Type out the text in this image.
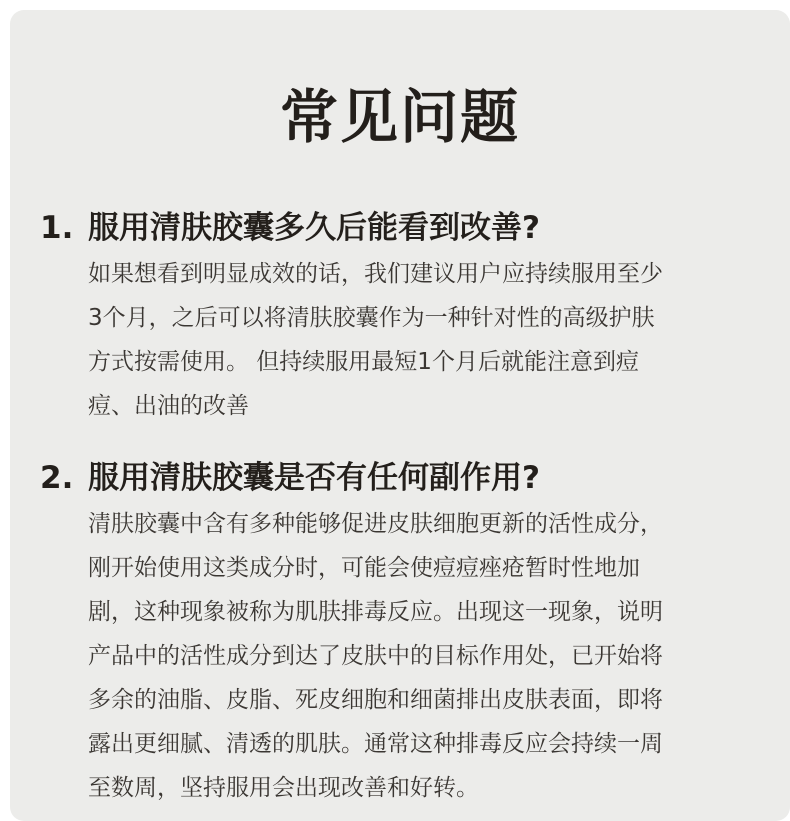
常见问题
1. 服用清肤胶囊多久后能看到改善?
如果想看到明显成效的话，我们建议用户应持续服用至少
3个月，之后可以将清肤胶囊作为一种针对性的高级护肤
方式按需使用。 但持续服用最短1个月后就能注意到痘
痘、出油的改善
2. 服用清肤胶囊是否有任何副作用?
清肤胶囊中含有多种能够促进皮肤细胞更新的活性成分，
刚开始使用这类成分时，可能会使痘痘痤疮暂时性地加
剧，这种现象被称为肌肤排毒反应。出现这一现象，说明
产品中的活性成分到达了皮肤中的目标作用处，已开始将
多余的油脂、皮脂、死皮细胞和细菌排出皮肤表面，即将
露出更细腻、清透的肌肤。通常这种排毒反应会持续一周
至数周，坚持服用会出现改善和好转。
